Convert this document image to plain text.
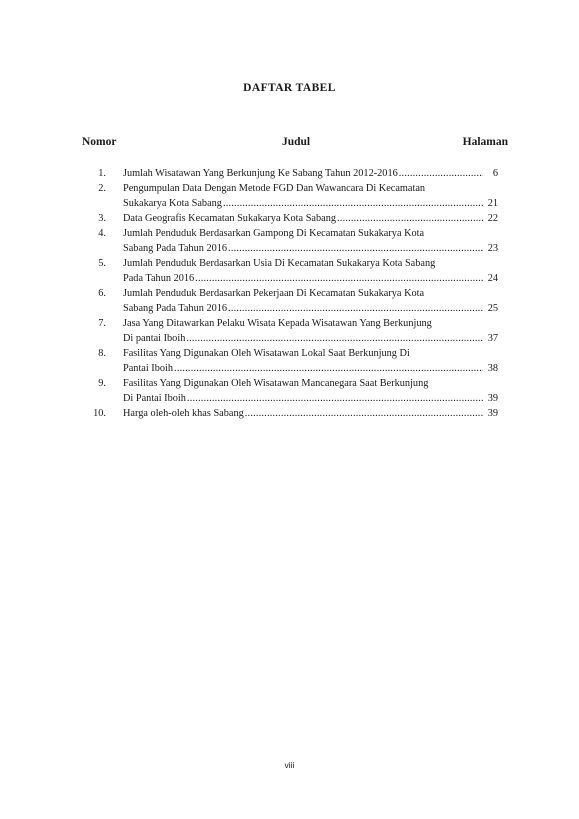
DAFTAR TABEL
Nomor	Judul	Halaman
1. Jumlah Wisatawan Yang Berkunjung Ke Sabang Tahun 2012-2016 .....	6
2. Pengumpulan Data Dengan Metode FGD Dan Wawancara Di Kecamatan
Sukakarya Kota Sabang .....	21
3. Data Geografis Kecamatan Sukakarya Kota Sabang .....	22
4. Jumlah Penduduk Berdasarkan Gampong Di Kecamatan Sukakarya Kota
Sabang Pada Tahun 2016 .....	23
5. Jumlah Penduduk Berdasarkan Usia Di Kecamatan Sukakarya Kota Sabang
Pada Tahun 2016 .....	24
6. Jumlah Penduduk Berdasarkan Pekerjaan Di Kecamatan Sukakarya Kota
Sabang Pada Tahun 2016 .....	25
7. Jasa Yang Ditawarkan Pelaku Wisata Kepada Wisatawan Yang Berkunjung
Di pantai Iboih .....	37
8. Fasilitas Yang Digunakan Oleh Wisatawan Lokal Saat Berkunjung Di
Pantai Iboih .....	38
9. Fasilitas Yang Digunakan Oleh Wisatawan Mancanegara Saat Berkunjung
Di Pantai Iboih .....	39
10. Harga oleh-oleh khas Sabang .....	39
viii
